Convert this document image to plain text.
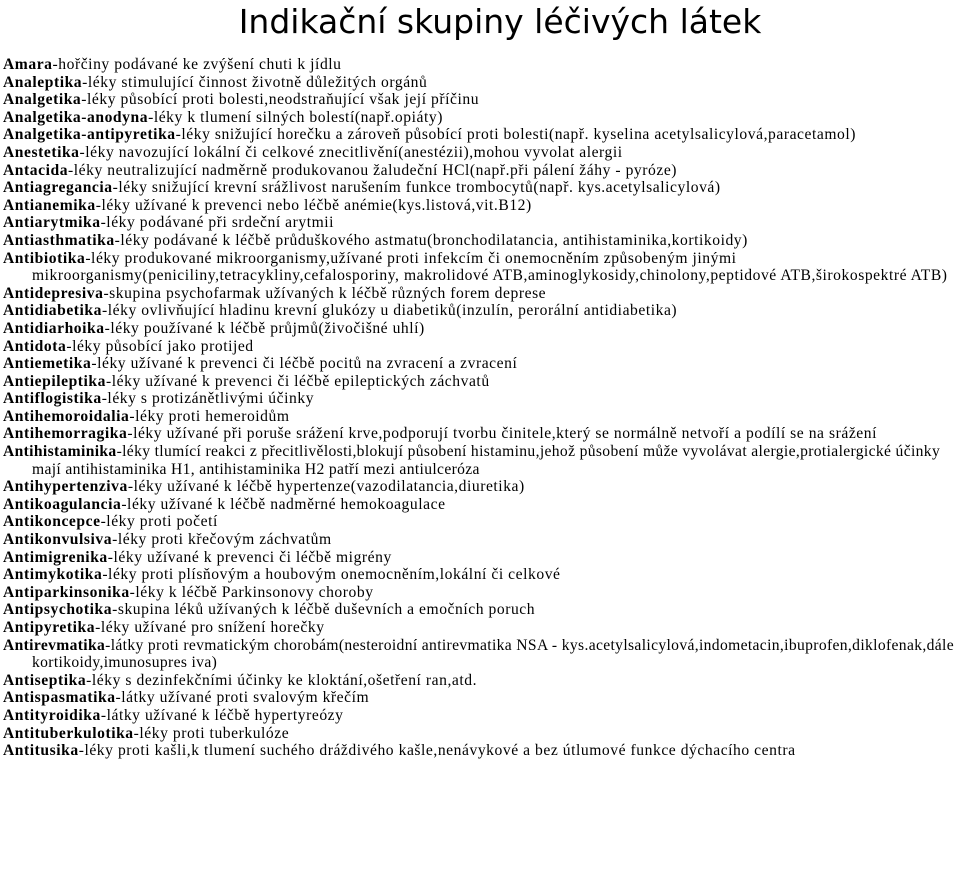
Indikační skupiny léčivých látek

Amara-hořčiny podávané ke zvýšení chuti k jídlu

Analeptika-léky stimulující činnost životně důležitých orgánů

Analgetika-léky působící proti bolesti,neodstraňující však její příčinu

Analgetika-anodyna-léky k tlumení silných bolestí(např.opiáty)

Analgetika-antipyretika-léky snižující horečku a zároveň působící proti bolesti(např. kyselina acetylsalicylová,paracetamol)

Anestetika-léky navozující lokální či celkové znecitlivění(anestézii),mohou vyvolat alergii

Antacida-léky neutralizující nadměrně produkovanou žaludeční HCl(např.při pálení žáhy - pyróze)

Antiagregancia-léky snižující krevní srážlivost narušením funkce trombocytů(např. kys.acetylsalicylová)

Antianemika-léky užívané k prevenci nebo léčbě anémie(kys.listová,vit.B12)

Antiarytmika-léky podávané při srdeční arytmii

Antiasthmatika-léky podávané k léčbě průduškového astmatu(bronchodilatancia, antihistaminika,kortikoidy)

Antibiotika-léky produkované mikroorganismy,užívané proti infekcím či onemocněním způsobeným jinými mikroorganismy(peniciliny,tetracykliny,cefalosporiny, makrolidové ATB,aminoglykosidy,chinolony,peptidové ATB,širokospektré ATB)

Antidepresiva-skupina psychofarmak užívaných k léčbě různých forem deprese

Antidiabetika-léky ovlivňující hladinu krevní glukózy u diabetiků(inzulín, perorální antidiabetika)

Antidiarhoika-léky používané k léčbě průjmů(živočišné uhlí)

Antidota-léky působící jako protijed

Antiemetika-léky užívané k prevenci či léčbě pocitů na zvracení a zvracení

Antiepileptika-léky užívané k prevenci či léčbě epileptických záchvatů

Antiflogistika-léky s protizánětlivými účinky

Antihemoroidalia-léky proti hemeroidům

Antihemorragika-léky užívané při poruše srážení krve,podporují tvorbu činitele,který se normálně netvoří a podílí se na srážení

Antihistaminika-léky tlumící reakci z přecitlivělosti,blokují působení histaminu,jehož působení může vyvolávat alergie,protialergické účinky mají antihistaminika H1, antihistaminika H2 patří mezi antiulceróza

Antihypertenziva-léky užívané k léčbě hypertenze(vazodilatancia,diuretika)

Antikoagulancia-léky užívané k léčbě nadměrné hemokoagulace

Antikoncepce-léky proti početí

Antikonvulsiva-léky proti křečovým záchvatům

Antimigrenika-léky užívané k prevenci či léčbě migrény

Antimykotika-léky proti plísňovým a houbovým onemocněním,lokální či celkové

Antiparkinsonika-léky k léčbě Parkinsonovy choroby

Antipsychotika-skupina léků užívaných k léčbě duševních a emočních poruch

Antipyretika-léky užívané pro snížení horečky

Antirevmatika-látky proti revmatickým chorobám(nesteroidní antirevmatika NSA - kys.acetylsalicylová,indometacin,ibuprofen,diklofenak,dále kortikoidy,imunosupres iva)

Antiseptika-léky s dezinfekčními účinky ke kloktání,ošetření ran,atd.

Antispasmatika-látky užívané proti svalovým křečím

Antityroidika-látky užívané k léčbě hypertyreózy

Antituberkulotika-léky proti tuberkulóze

Antitusika-léky proti kašli,k tlumení suchého dráždivého kašle,nenávykové a bez útlumové funkce dýchacího centra
